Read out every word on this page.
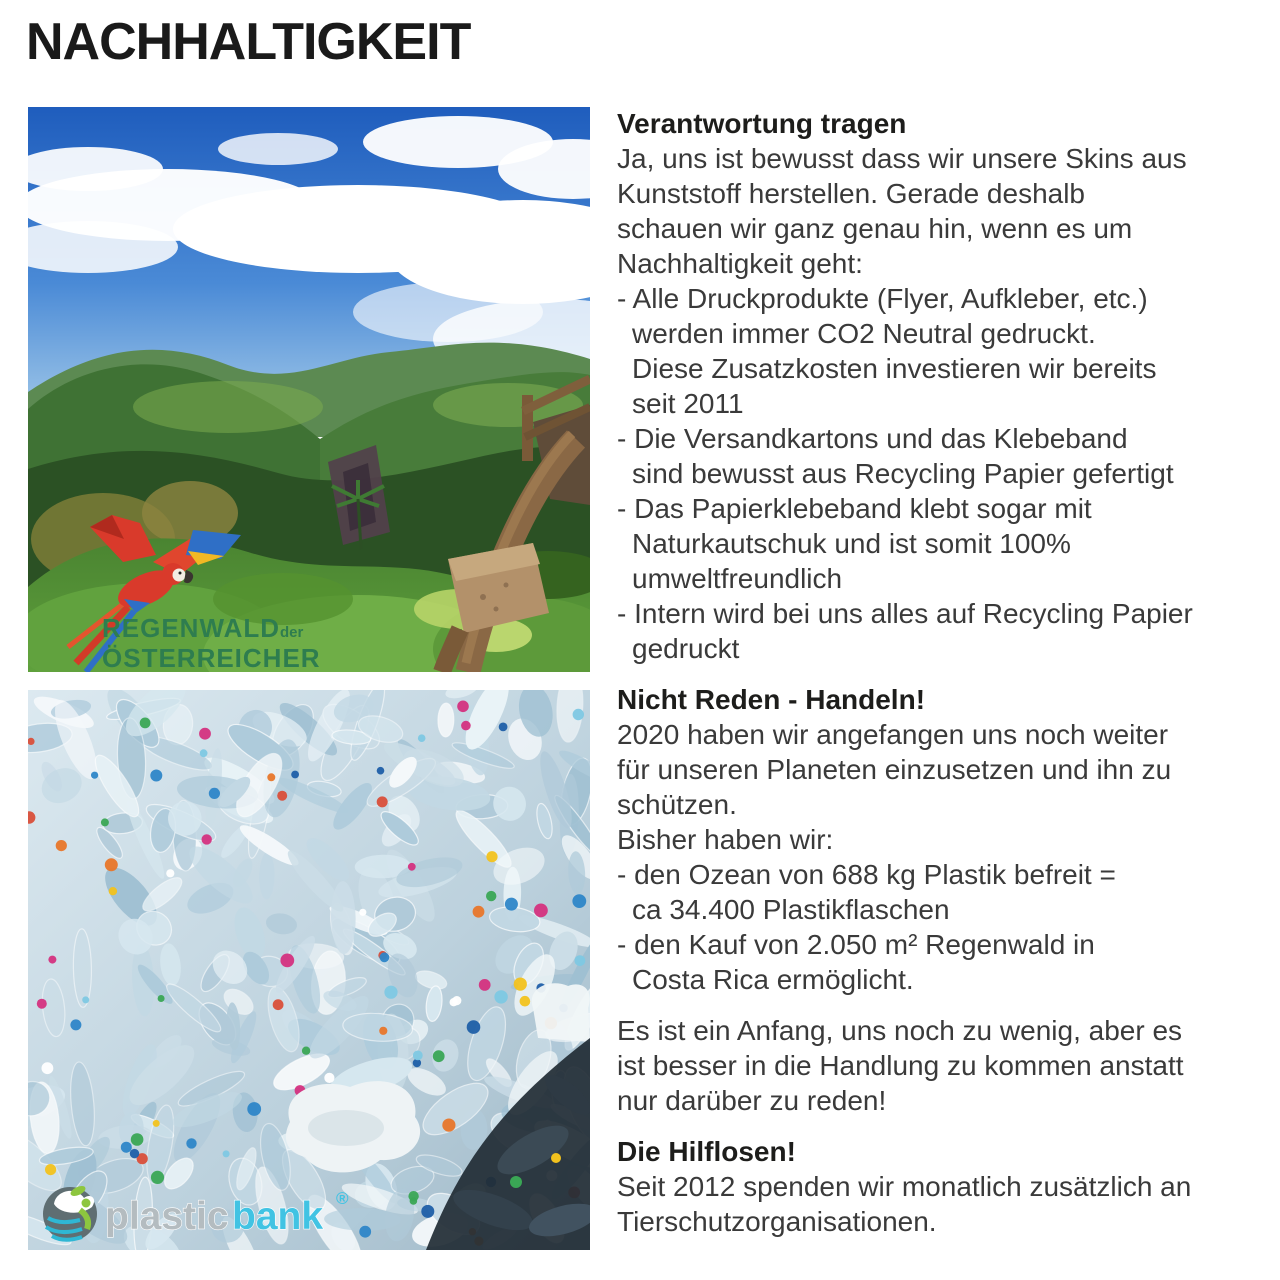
NACHHALTIGKEIT
REGENWALD der
ÖSTERREICHER
plastic bank ®
Verantwortung tragen
Ja, uns ist bewusst dass wir unsere Skins aus
Kunststoff herstellen. Gerade deshalb
schauen wir ganz genau hin, wenn es um
Nachhaltigkeit geht:
- Alle Druckprodukte (Flyer, Aufkleber, etc.)
werden immer CO2 Neutral gedruckt.
Diese Zusatzkosten investieren wir bereits
seit 2011
- Die Versandkartons und das Klebeband
sind bewusst aus Recycling Papier gefertigt
- Das Papierklebeband klebt sogar mit
Naturkautschuk und ist somit 100%
umweltfreundlich
- Intern wird bei uns alles auf Recycling Papier
gedruckt
Nicht Reden - Handeln!
2020 haben wir angefangen uns noch weiter
für unseren Planeten einzusetzen und ihn zu
schützen.
Bisher haben wir:
- den Ozean von 688 kg Plastik befreit =
ca 34.400 Plastikflaschen
- den Kauf von 2.050 m² Regenwald in
Costa Rica ermöglicht.
Es ist ein Anfang, uns noch zu wenig, aber es
ist besser in die Handlung zu kommen anstatt
nur darüber zu reden!
Die Hilflosen!
Seit 2012 spenden wir monatlich zusätzlich an
Tierschutzorganisationen.
